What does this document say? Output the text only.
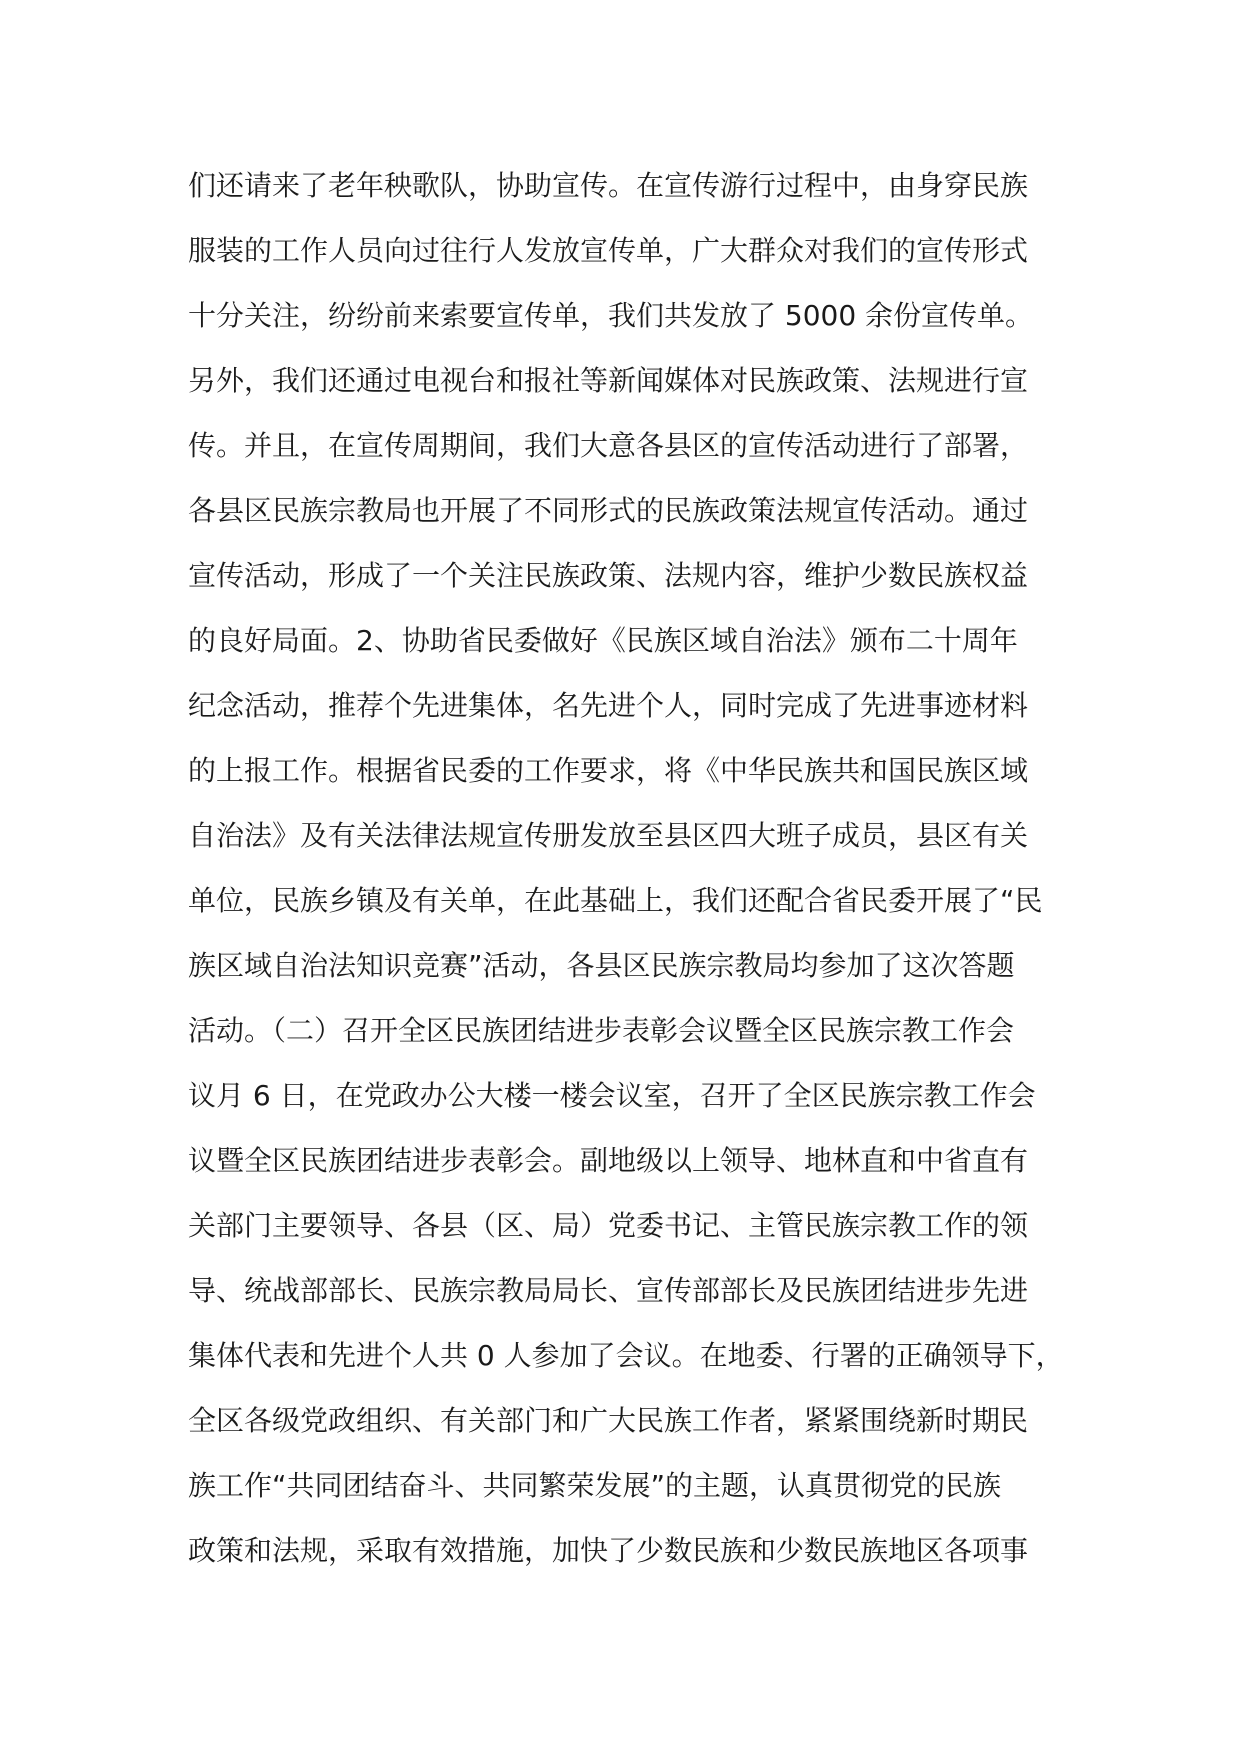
们还请来了老年秧歌队，协助宣传。在宣传游行过程中，由身穿民族
服装的工作人员向过往行人发放宣传单，广大群众对我们的宣传形式
十分关注，纷纷前来索要宣传单，我们共发放了 5000 余份宣传单。
另外，我们还通过电视台和报社等新闻媒体对民族政策、法规进行宣
传。并且，在宣传周期间，我们大意各县区的宣传活动进行了部署，
各县区民族宗教局也开展了不同形式的民族政策法规宣传活动。通过
宣传活动，形成了一个关注民族政策、法规内容，维护少数民族权益
的良好局面。2、协助省民委做好《民族区域自治法》颁布二十周年
纪念活动，推荐个先进集体，名先进个人，同时完成了先进事迹材料
的上报工作。根据省民委的工作要求，将《中华民族共和国民族区域
自治法》及有关法律法规宣传册发放至县区四大班子成员，县区有关
单位，民族乡镇及有关单，在此基础上，我们还配合省民委开展了“民
族区域自治法知识竞赛”活动，各县区民族宗教局均参加了这次答题
活动。（二）召开全区民族团结进步表彰会议暨全区民族宗教工作会
议月 6 日，在党政办公大楼一楼会议室，召开了全区民族宗教工作会
议暨全区民族团结进步表彰会。副地级以上领导、地林直和中省直有
关部门主要领导、各县（区、局）党委书记、主管民族宗教工作的领
导、统战部部长、民族宗教局局长、宣传部部长及民族团结进步先进
集体代表和先进个人共 0 人参加了会议。在地委、行署的正确领导下，
全区各级党政组织、有关部门和广大民族工作者，紧紧围绕新时期民
族工作“共同团结奋斗、共同繁荣发展”的主题，认真贯彻党的民族
政策和法规，采取有效措施，加快了少数民族和少数民族地区各项事
